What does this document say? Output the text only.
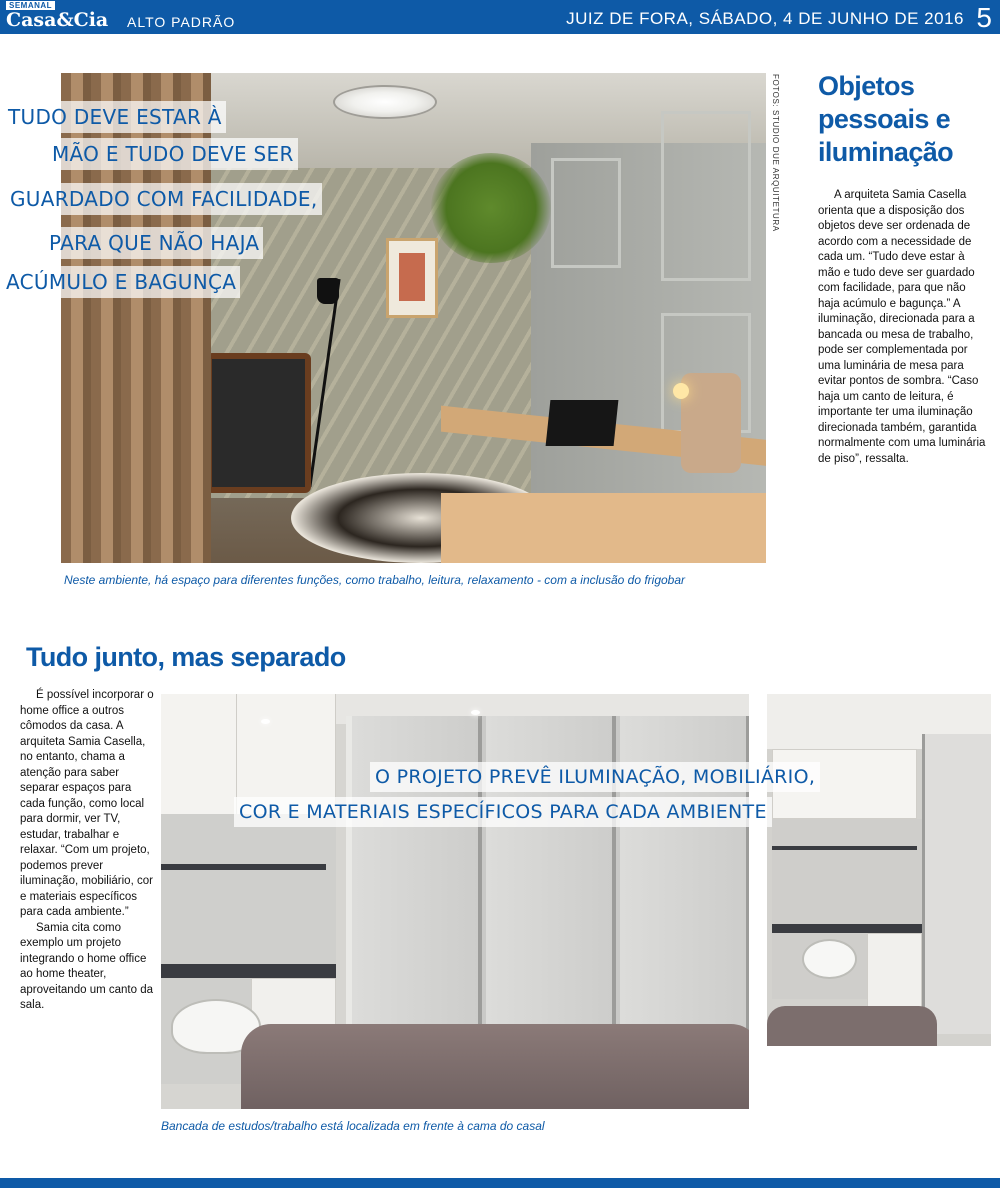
SEMANAL
Casa&Cia ALTO PADRÃO	JUIZ DE FORA, SÁBADO, 4 DE JUNHO DE 2016 5
FOTOS: STUDIO DUE ARQUITETURA
TUDO DEVE ESTAR À
MÃO E TUDO DEVE SER
GUARDADO COM FACILIDADE,
PARA QUE NÃO HAJA
ACÚMULO E BAGUNÇA
Neste ambiente, há espaço para diferentes funções, como trabalho, leitura, relaxamento - com a inclusão do frigobar
Objetos pessoais e iluminação

A arquiteta Samia Casella orienta que a disposição dos objetos deve ser ordenada de acordo com a necessidade de cada um. “Tudo deve estar à mão e tudo deve ser guardado com facilidade, para que não haja acúmulo e bagunça.” A iluminação, direcionada para a bancada ou mesa de trabalho, pode ser complementada por uma luminária de mesa para evitar pontos de sombra. “Caso haja um canto de leitura, é importante ter uma iluminação direcionada também, garantida normalmente com uma luminária de piso”, ressalta.

Tudo junto, mas separado

É possível incorporar o home office a outros cômodos da casa. A arquiteta Samia Casella, no entanto, chama a atenção para saber separar espaços para cada função, como local para dormir, ver TV, estudar, trabalhar e relaxar. “Com um projeto, podemos prever iluminação, mobiliário, cor e materiais específicos para cada ambiente.”

Samia cita como exemplo um projeto integrando o home office ao home theater, aproveitando um canto da sala.

O PROJETO PREVÊ ILUMINAÇÃO, MOBILIÁRIO,
COR E MATERIAIS ESPECÍFICOS PARA CADA AMBIENTE
Bancada de estudos/trabalho está localizada em frente à cama do casal
